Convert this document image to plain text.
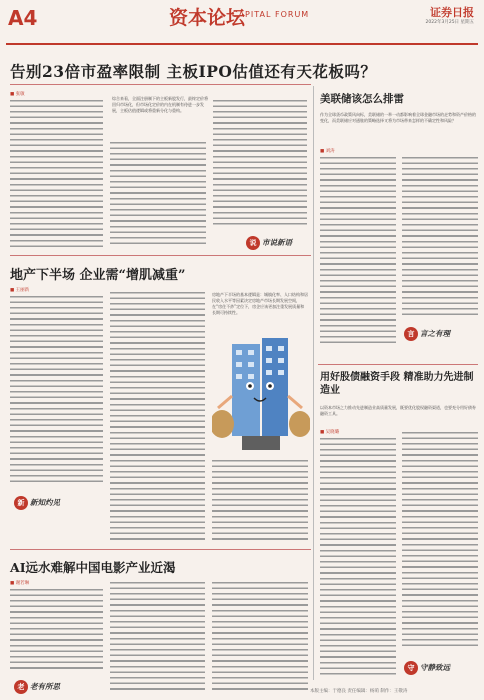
A4	资本论坛
CAPITAL FORUM	证券日报
2022年3月25日 星期五
告别23倍市盈率限制 主板IPO估值还有天花板吗？
■ 张敏
综合来看，全面注册制下的主板新股发行，最终定价将回归市场化，但市场化定价的内在机制有待进一步发展，主板估值逻辑或将重新分化与重构。
说 市说新语
地产下半场 企业需“增肌减重”
■ 王丽新
房地产下半场的基本逻辑是：城镇化率、人口结构和居民收入水平等因素决定房地产市场长期发展空间，在“房住不炒”定位下，房企应该更加注重发展质量和长期可持续性。
新 新知灼见
AI远水难解中国电影产业近渴
■ 谢若琳
老 老有所思
美联储该怎么排雷
作为全球货币政策风向标，美联储的一举一动都影响着全球金融市场的走势和资产价格的变化，而美联储应对通胀的策略选择又将为市场带来怎样的不确定性和风险？
■ 刘涛
言 言之有理
用好股债融资手段 精准助力先进制造业
以资本市场之力推动先进制造业高质量发展，既要优化股权融资渠道，也要充分用好债券融资工具。
■ 吴晓璐
守 守静致远
本版主编：于德良 责任编辑：杨萌 制作：王敬涛
